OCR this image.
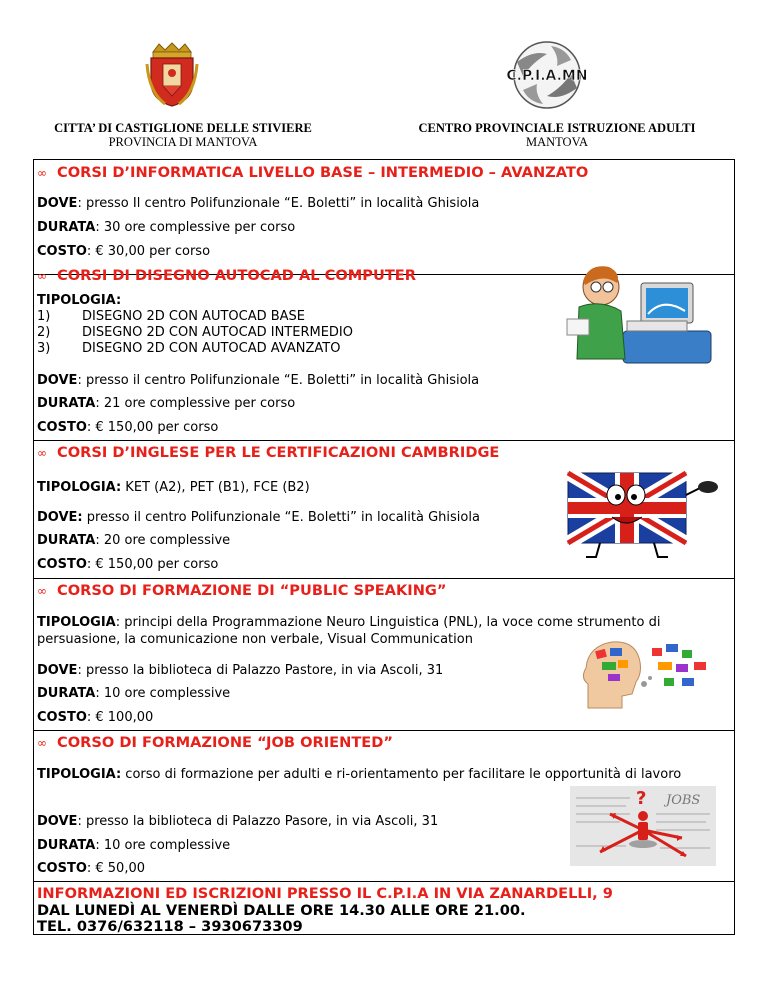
C.P.I.A.MN
CITTA’ DI CASTIGLIONE DELLE STIVIERE
PROVINCIA DI MANTOVA
CENTRO PROVINCIALE ISTRUZIONE ADULTI
MANTOVA
∞ CORSI D’INFORMATICA LIVELLO BASE – INTERMEDIO – AVANZATO
DOVE: presso Il centro Polifunzionale “E. Boletti” in località Ghisiola
DURATA: 30 ore complessive per corso
COSTO: € 30,00 per corso
∞ CORSI DI DISEGNO AUTOCAD AL COMPUTER
TIPOLOGIA:
1) DISEGNO 2D CON AUTOCAD BASE
2) DISEGNO 2D CON AUTOCAD INTERMEDIO
3) DISEGNO 2D CON AUTOCAD AVANZATO
DOVE: presso il centro Polifunzionale “E. Boletti” in località Ghisiola
DURATA: 21 ore complessive per corso
COSTO: € 150,00 per corso
∞ CORSI D’INGLESE PER LE CERTIFICAZIONI CAMBRIDGE
TIPOLOGIA: KET (A2), PET (B1), FCE (B2)
DOVE: presso il centro Polifunzionale “E. Boletti” in località Ghisiola
DURATA: 20 ore complessive
COSTO: € 150,00 per corso
∞ CORSO DI FORMAZIONE DI “PUBLIC SPEAKING”
TIPOLOGIA: principi della Programmazione Neuro Linguistica (PNL), la voce come strumento di persuasione, la comunicazione non verbale, Visual Communication
DOVE: presso la biblioteca di Palazzo Pastore, in via Ascoli, 31
DURATA: 10 ore complessive
COSTO: € 100,00
∞ CORSO DI FORMAZIONE “JOB ORIENTED”
TIPOLOGIA: corso di formazione per adulti e ri-orientamento per facilitare le opportunità di lavoro
DOVE: presso la biblioteca di Palazzo Pasore, in via Ascoli, 31
DURATA: 10 ore complessive
COSTO: € 50,00
JOBS
?
INFORMAZIONI ED ISCRIZIONI PRESSO IL C.P.I.A IN VIA ZANARDELLI, 9
DAL LUNEDÌ AL VENERDÌ DALLE ORE 14.30 ALLE ORE 21.00.
TEL. 0376/632118 – 3930673309
